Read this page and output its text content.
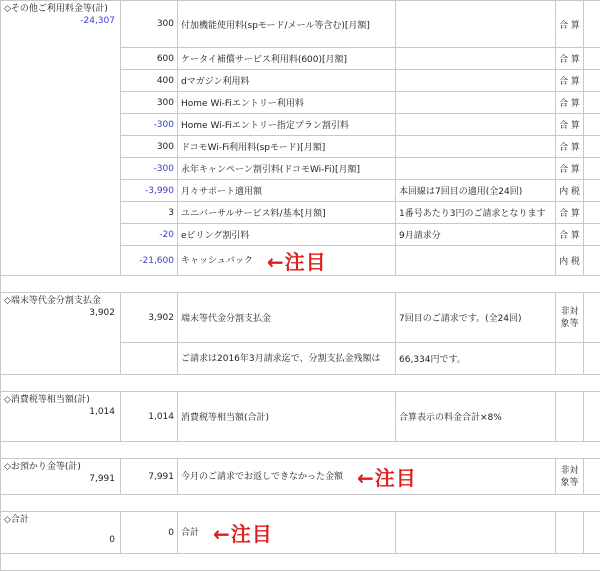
◇その他ご利用料金等(計)
-24,307	300	付加機能使用料(spモード/メール等含む)[月額]		合 算	
	600	ケータイ補償サービス利用料(600)[月額]		合 算	
	400	dマガジン利用料		合 算	
	300	Home Wi-Fiエントリー利用料		合 算	
	-300	Home Wi-Fiエントリー指定プラン割引料		合 算	
	300	ドコモWi-Fi利用料(spモード)[月額]		合 算	
	-300	永年キャンペーン割引料(ドコモWi-Fi)[月額]		合 算	
	-3,990	月々サポート適用額	本回線は7回目の適用(全24回)	内 税	
	3	ユニバーサルサービス料/基本[月額]	1番号あたり3円のご請求となります	合 算	
	-20	eビリング割引料	9月請求分	合 算	
	-21,600	キャッシュバック ←注目		内 税	

◇端末等代金分割支払金
3,902	3,902	端末等代金分割支払金	7回目のご請求です。(全24回)	非対象等	
		ご請求は2016年3月請求迄で、分割支払金残額は	66,334円です。		

◇消費税等相当額(計)
1,014	1,014	消費税等相当額(合計)	合算表示の料金合計×8%		

◇お預かり金等(計)
7,991	7,991	今月のご請求でお返しできなかった金額 ←注目		非対象等	

◇合計
0	0	合計 ←注目			
